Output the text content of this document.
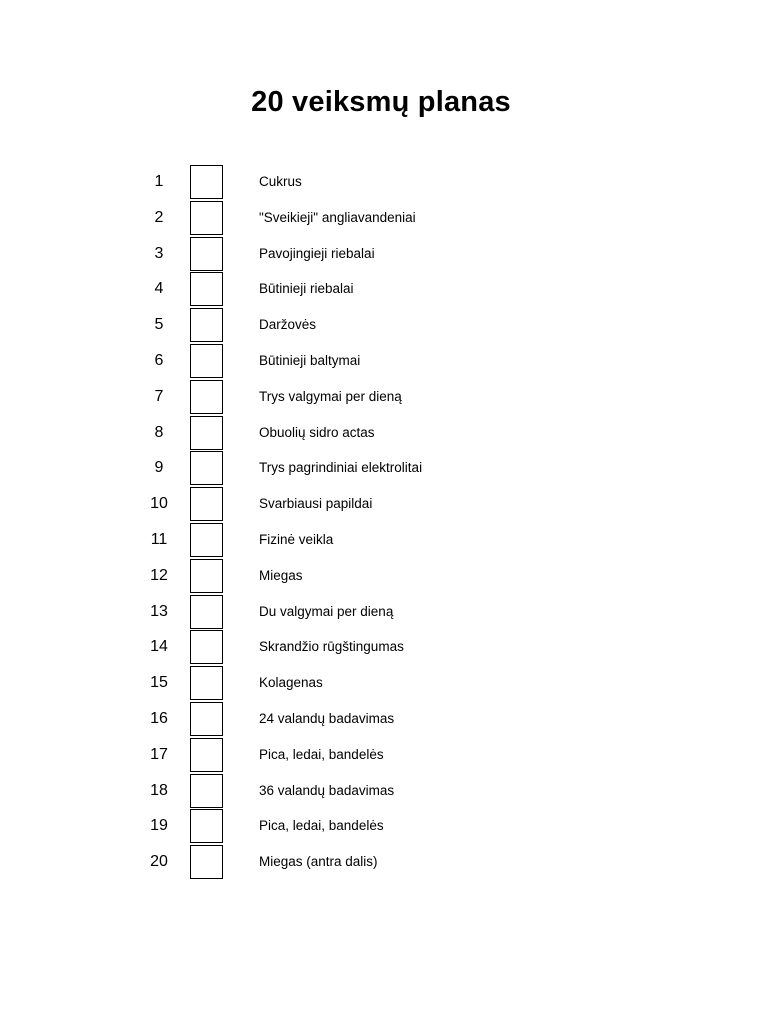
20 veiksmų planas
1	Cukrus
2	"Sveikieji" angliavandeniai
3	Pavojingieji riebalai
4	Būtinieji riebalai
5	Daržovės
6	Būtinieji baltymai
7	Trys valgymai per dieną
8	Obuolių sidro actas
9	Trys pagrindiniai elektrolitai
10	Svarbiausi papildai
11	Fizinė veikla
12	Miegas
13	Du valgymai per dieną
14	Skrandžio rūgštingumas
15	Kolagenas
16	24 valandų badavimas
17	Pica, ledai, bandelės
18	36 valandų badavimas
19	Pica, ledai, bandelės
20	Miegas (antra dalis)
